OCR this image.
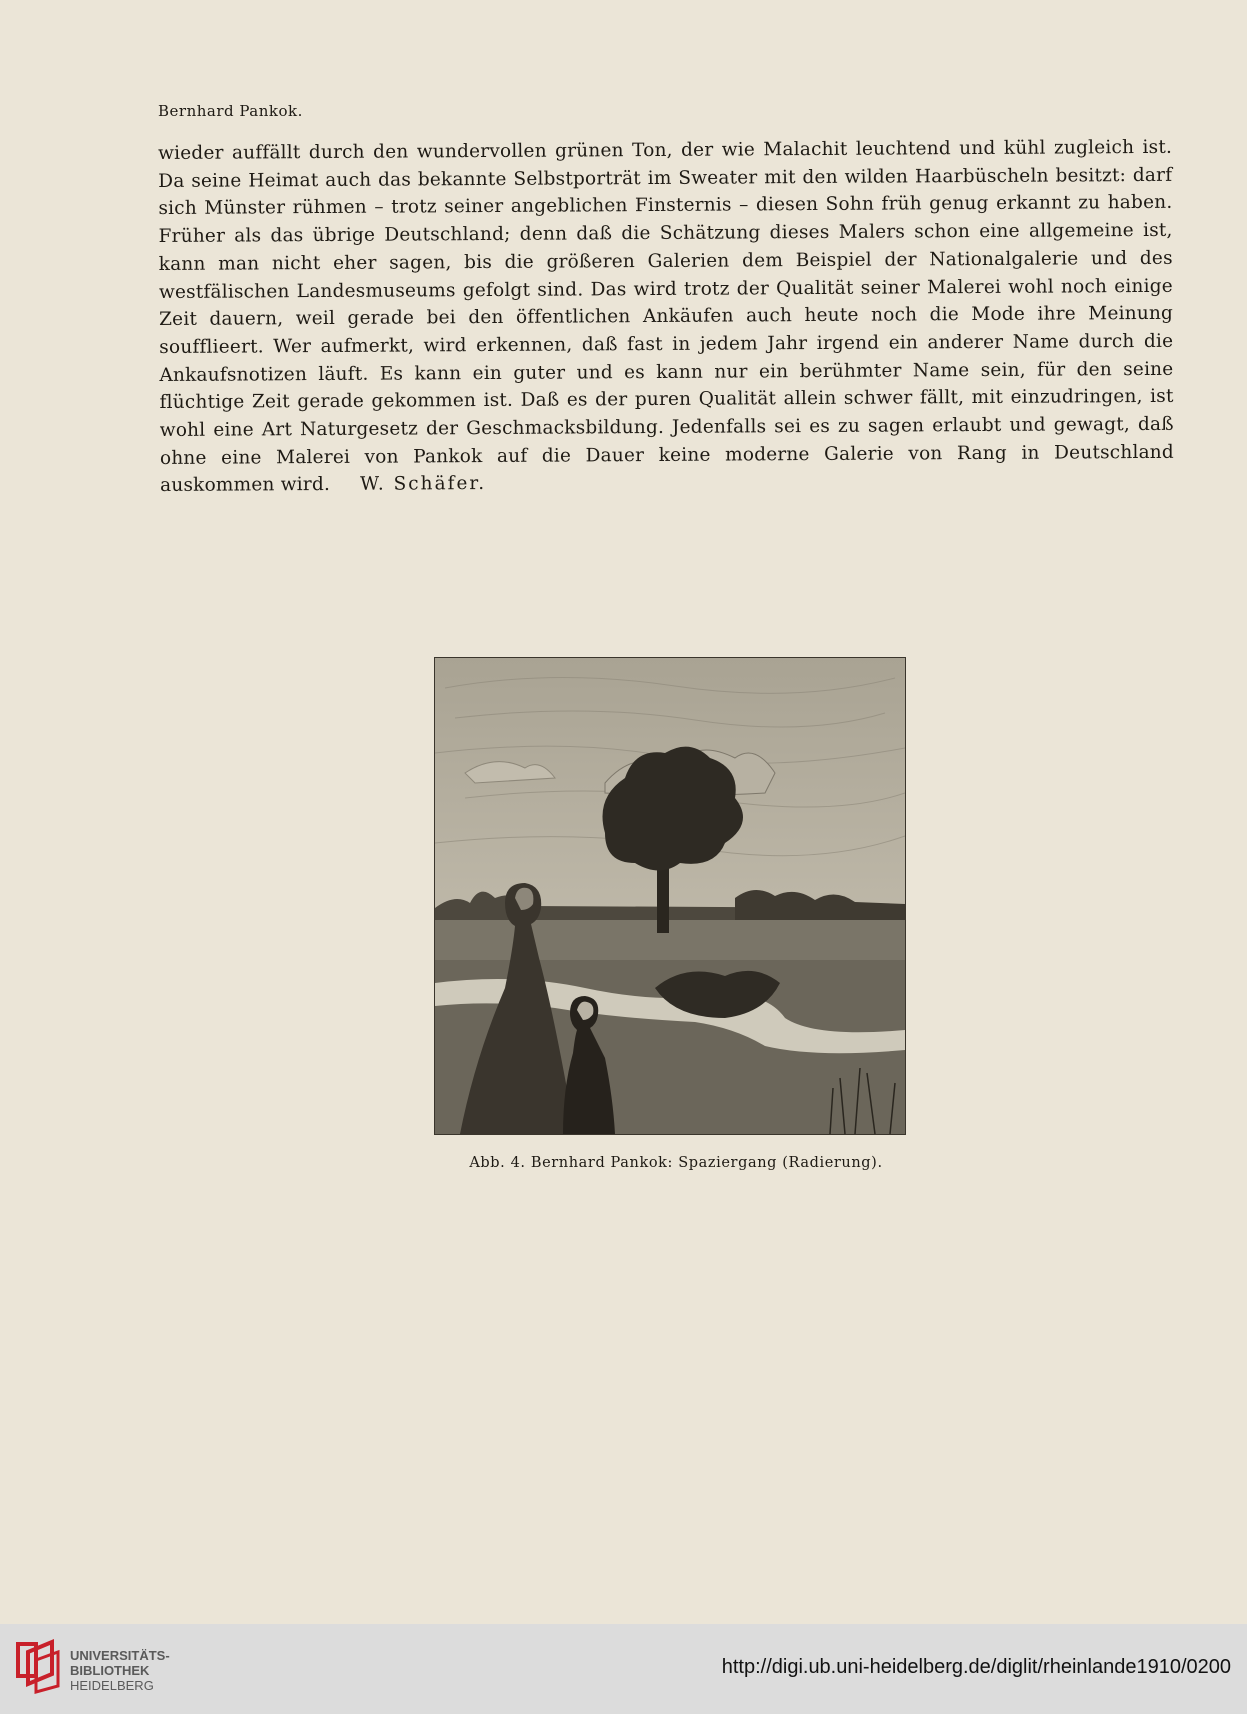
Bernhard Pankok.
wieder auffällt durch den wundervollen grünen Ton, der wie Malachit leuchtend und kühl zugleich ist. Da seine Heimat auch das bekannte Selbstporträt im Sweater mit den wilden Haarbüscheln besitzt: darf sich Münster rühmen – trotz seiner angeblichen Finsternis – diesen Sohn früh genug erkannt zu haben. Früher als das übrige Deutschland; denn daß die Schätzung dieses Malers schon eine allgemeine ist, kann man nicht eher sagen, bis die größeren Galerien dem Beispiel der Nationalgalerie und des westfälischen Landesmuseums gefolgt sind. Das wird trotz der Qualität seiner Malerei wohl noch einige Zeit dauern, weil gerade bei den öffentlichen Ankäufen auch heute noch die Mode ihre Meinung soufflieert. Wer aufmerkt, wird erkennen, daß fast in jedem Jahr irgend ein anderer Name durch die Ankaufsnotizen läuft. Es kann ein guter und es kann nur ein berühmter Name sein, für den seine flüchtige Zeit gerade gekommen ist. Daß es der puren Qualität allein schwer fällt, mit einzudringen, ist wohl eine Art Naturgesetz der Geschmacksbildung. Jedenfalls sei es zu sagen erlaubt und gewagt, daß ohne eine Malerei von Pankok auf die Dauer keine moderne Galerie von Rang in Deutschland auskommen wird. W. Schäfer.
Abb. 4. Bernhard Pankok: Spaziergang (Radierung).
UNIVERSITÄTS-
BIBLIOTHEK
HEIDELBERG
http://digi.ub.uni-heidelberg.de/diglit/rheinlande1910/0200
